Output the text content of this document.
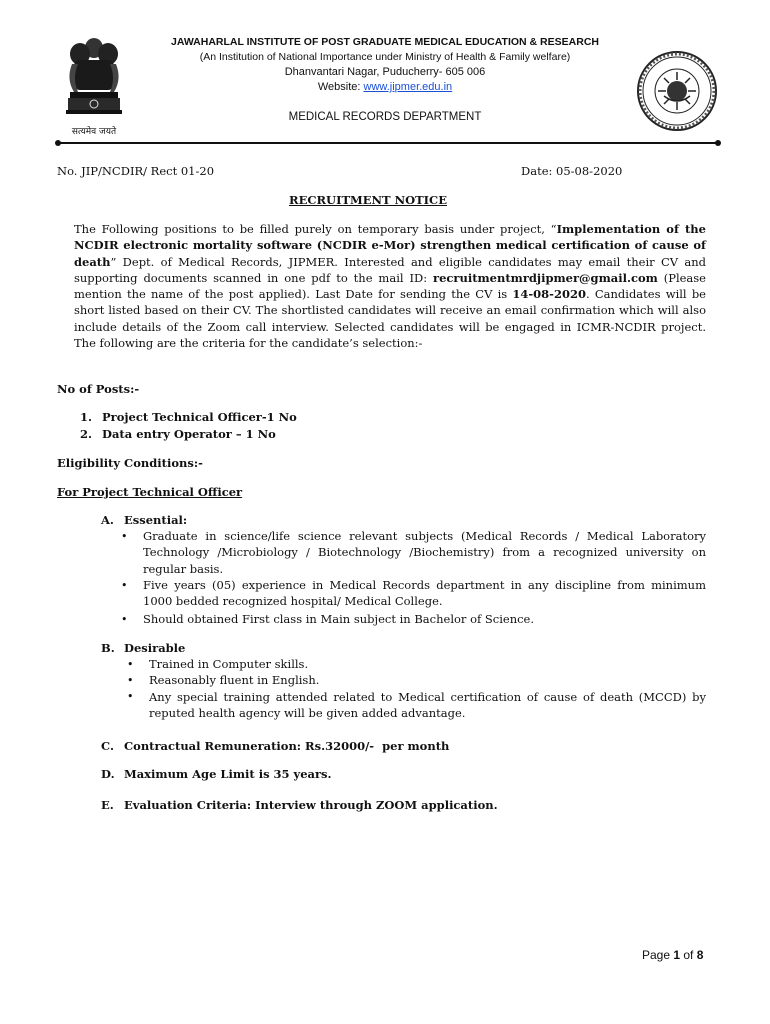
सत्यमेव जयते
JAWAHARLAL INSTITUTE OF POST GRADUATE MEDICAL EDUCATION & RESEARCH
(An Institution of National Importance under Ministry of Health & Family welfare)
Dhanvantari Nagar, Puducherry- 605 006
Website: www.jipmer.edu.in
MEDICAL RECORDS DEPARTMENT
No. JIP/NCDIR/ Rect 01-20	Date: 05-08-2020
RECRUITMENT NOTICE
The Following positions to be filled purely on temporary basis under project, “Implementation of the NCDIR electronic mortality software (NCDIR e-Mor) strengthen medical certification of cause of death” Dept. of Medical Records, JIPMER. Interested and eligible candidates may email their CV and supporting documents scanned in one pdf to the mail ID: recruitmentmrdjipmer@gmail.com (Please mention the name of the post applied). Last Date for sending the CV is 14-08-2020. Candidates will be short listed based on their CV. The shortlisted candidates will receive an email confirmation which will also include details of the Zoom call interview. Selected candidates will be engaged in ICMR-NCDIR project. The following are the criteria for the candidate’s selection:-
No of Posts:-
1. Project Technical Officer-1 No
2. Data entry Operator – 1 No
Eligibility Conditions:-
For Project Technical Officer
A. Essential:
• Graduate in science/life science relevant subjects (Medical Records / Medical Laboratory Technology /Microbiology / Biotechnology /Biochemistry) from a recognized university on regular basis.
• Five years (05) experience in Medical Records department in any discipline from minimum 1000 bedded recognized hospital/ Medical College.
• Should obtained First class in Main subject in Bachelor of Science.
B. Desirable
• Trained in Computer skills.
• Reasonably fluent in English.
• Any special training attended related to Medical certification of cause of death (MCCD) by reputed health agency will be given added advantage.
C. Contractual Remuneration: Rs.32000/-  per month
D. Maximum Age Limit is 35 years.
E. Evaluation Criteria: Interview through ZOOM application.
Page 1 of 8
